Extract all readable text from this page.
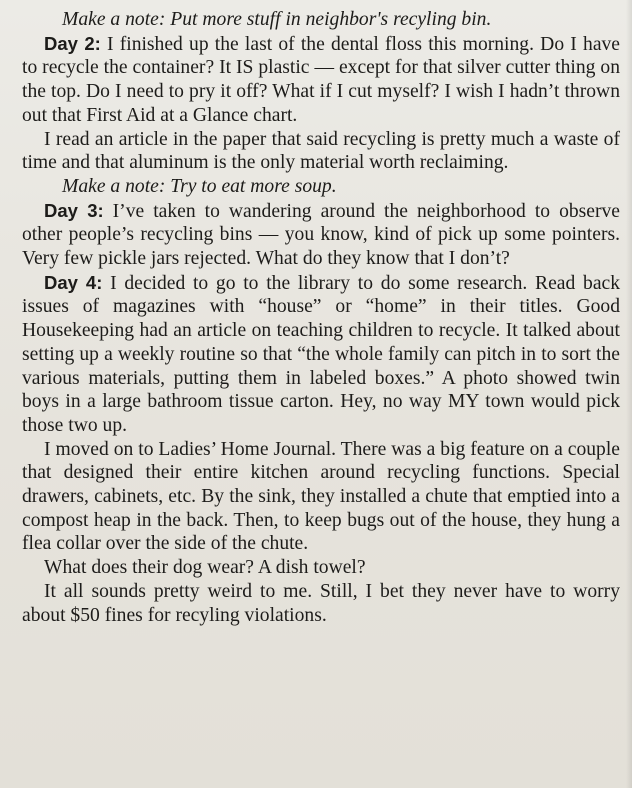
Make a note: Put more stuff in neighbor's recyling bin.

Day 2: I finished up the last of the dental floss this morning. Do I have to recycle the container? It IS plastic — except for that silver cutter thing on the top. Do I need to pry it off? What if I cut myself? I wish I hadn’t thrown out that First Aid at a Glance chart.

I read an article in the paper that said recycling is pretty much a waste of time and that aluminum is the only material worth reclaiming.

Make a note: Try to eat more soup.

Day 3: I’ve taken to wandering around the neighborhood to observe other people’s recycling bins — you know, kind of pick up some pointers. Very few pickle jars rejected. What do they know that I don’t?

Day 4: I decided to go to the library to do some research. Read back issues of magazines with “house” or “home” in their titles. Good Housekeeping had an article on teaching children to recycle. It talked about setting up a weekly routine so that “the whole family can pitch in to sort the various materials, putting them in labeled boxes.” A photo showed twin boys in a large bathroom tissue carton. Hey, no way MY town would pick those two up.

I moved on to Ladies’ Home Journal. There was a big feature on a couple that designed their entire kitchen around recycling functions. Special drawers, cabinets, etc. By the sink, they installed a chute that emptied into a compost heap in the back. Then, to keep bugs out of the house, they hung a flea collar over the side of the chute.

What does their dog wear? A dish towel?

It all sounds pretty weird to me. Still, I bet they never have to worry about $50 fines for recyling violations.
